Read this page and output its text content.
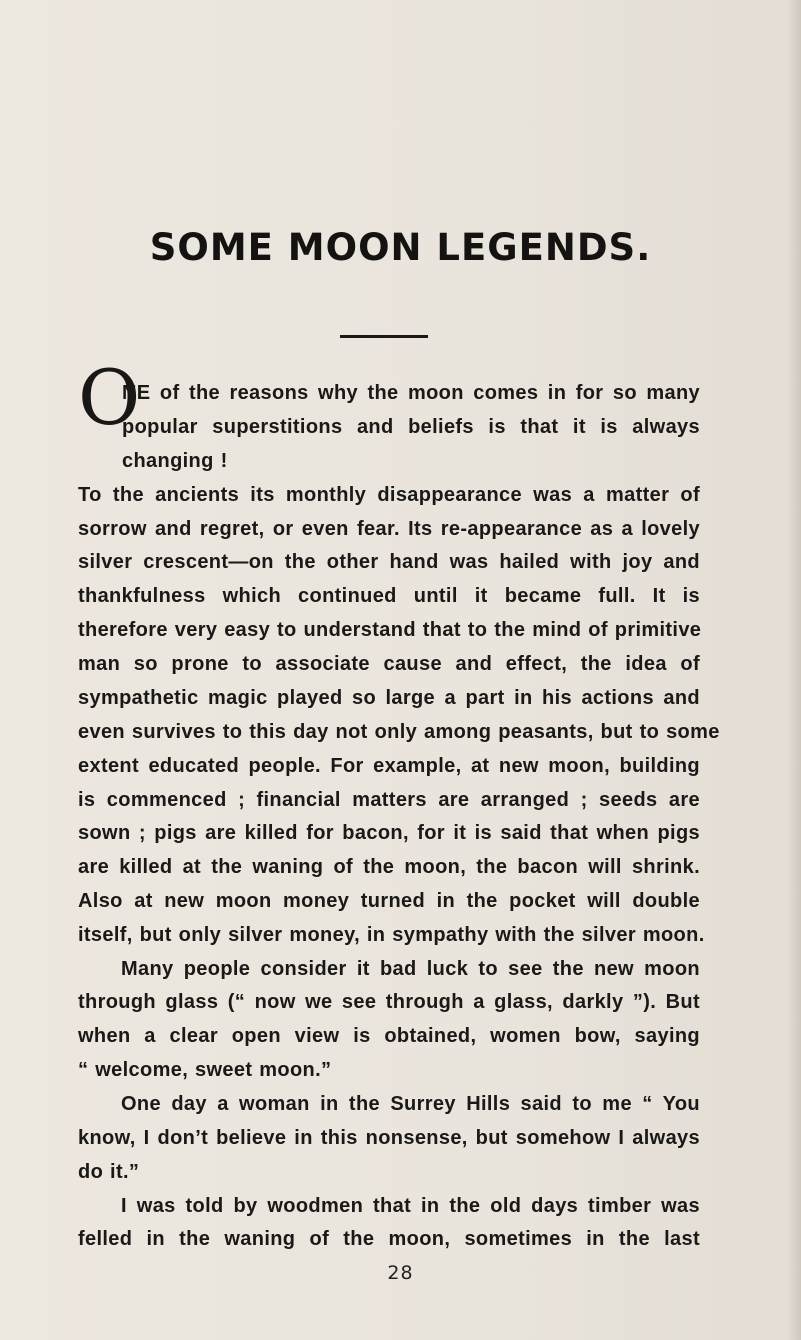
SOME MOON LEGENDS.
O
NE of the reasons why the moon comes in for so many
popular superstitions and beliefs is that it is always
changing !
To the ancients its monthly disappearance was a matter of
sorrow and regret, or even fear. Its re-appearance as a lovely
silver crescent—on the other hand was hailed with joy and
thankfulness which continued until it became full. It is
therefore very easy to understand that to the mind of primitive
man so prone to associate cause and effect, the idea of
sympathetic magic played so large a part in his actions and
even survives to this day not only among peasants, but to some
extent educated people. For example, at new moon, building
is commenced ; financial matters are arranged ; seeds are
sown ; pigs are killed for bacon, for it is said that when pigs
are killed at the waning of the moon, the bacon will shrink.
Also at new moon money turned in the pocket will double
itself, but only silver money, in sympathy with the silver moon.
Many people consider it bad luck to see the new moon
through glass (“ now we see through a glass, darkly ”). But
when a clear open view is obtained, women bow, saying
“ welcome, sweet moon.”
One day a woman in the Surrey Hills said to me “ You
know, I don’t believe in this nonsense, but somehow I always
do it.”
I was told by woodmen that in the old days timber was
felled in the waning of the moon, sometimes in the last
28
